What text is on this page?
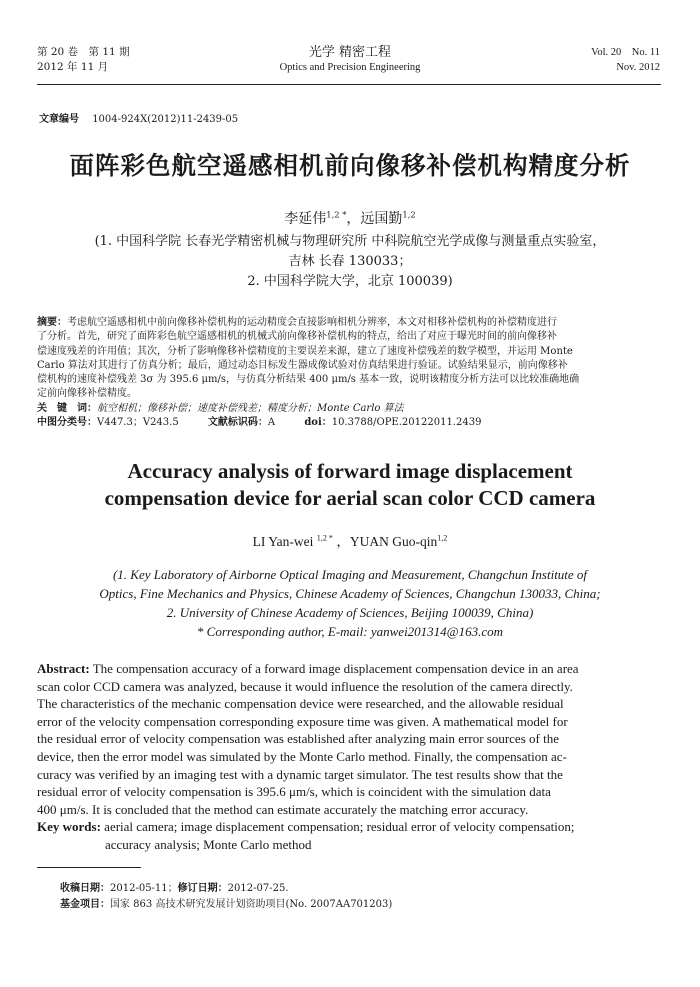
第 20 卷　第 11 期
2012 年 11 月
光学 精密工程
Optics and Precision Engineering
Vol. 20　No. 11
Nov. 2012
文章编号 1004-924X(2012)11-2439-05
面阵彩色航空遥感相机前向像移补偿机构精度分析
李延伟$^{1,2 *}$，远国勤$^{1,2}$
(1. 中国科学院 长春光学精密机械与物理研究所 中科院航空光学成像与测量重点实验室，
吉林 长春 130033；
2. 中国科学院大学，北京 100039)
摘要：考虑航空遥感相机中前向像移补偿机构的运动精度会直接影响相机分辨率，本文对相移补偿机构的补偿精度进行
了分析。首先，研究了面阵彩色航空遥感相机的机械式前向像移补偿机构的特点，给出了对应于曝光时间的前向像移补
偿速度残差的许用值；其次，分析了影响像移补偿精度的主要误差来源，建立了速度补偿残差的数学模型，并运用 Monte
Carlo 算法对其进行了仿真分析；最后，通过动态目标发生器成像试验对仿真结果进行验证。试验结果显示，前向像移补
偿机构的速度补偿残差 3σ 为 395.6 μm/s，与仿真分析结果 400 μm/s 基本一致，说明该精度分析方法可以比较准确地确
定前向像移补偿精度。
关　键　词：航空相机；像移补偿；速度补偿残差；精度分析；Monte Carlo 算法
中图分类号：V447.3；V243.5	文献标识码：A	doi：10.3788/OPE.20122011.2439
Accuracy analysis of forward image displacement
compensation device for aerial scan color CCD camera
LI Yan-wei $^{1,2 *}$ ，YUAN Guo-qin$^{1,2}$
(1. Key Laboratory of Airborne Optical Imaging and Measurement, Changchun Institute of
Optics, Fine Mechanics and Physics, Chinese Academy of Sciences, Changchun 130033, China;
2. University of Chinese Academy of Sciences, Beijing 100039, China)
* Corresponding author, E-mail: yanwei201314@163.com
Abstract: The compensation accuracy of a forward image displacement compensation device in an area
scan color CCD camera was analyzed, because it would influence the resolution of the camera directly.
The characteristics of the mechanic compensation device were researched, and the allowable residual
error of the velocity compensation corresponding exposure time was given. A mathematical model for
the residual error of velocity compensation was established after analyzing main error sources of the
device, then the error model was simulated by the Monte Carlo method. Finally, the compensation ac-
curacy was verified by an imaging test with a dynamic target simulator. The test results show that the
residual error of velocity compensation is 395.6 μm/s, which is coincident with the simulation data
400 μm/s. It is concluded that the method can estimate accurately the matching error accuracy.
Key words: aerial camera; image displacement compensation; residual error of velocity compensation;
accuracy analysis; Monte Carlo method
收稿日期：2012-05-11；修订日期：2012-07-25.
基金项目：国家 863 高技术研究发展计划资助项目(No. 2007AA701203)
